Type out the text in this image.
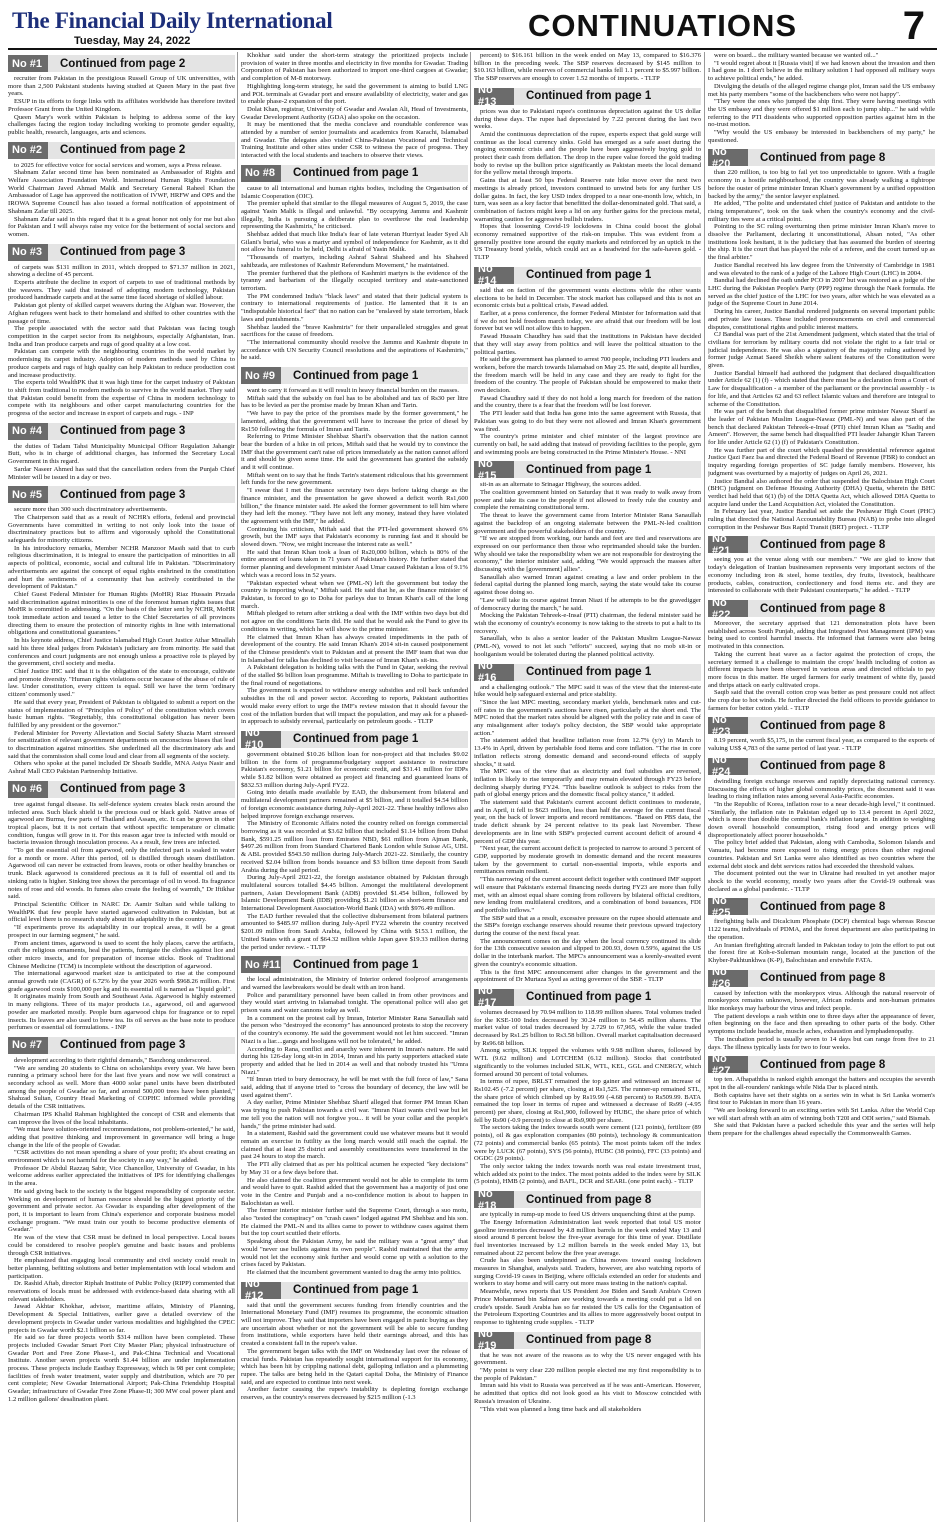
The Financial Daily International
Tuesday, May 24, 2022	CONTINUATIONS	7
No #1	Continued from page 2

recruiter from Pakistan in the prestigious Russell Group of UK universities, with more than 2,500 Pakistani students having studied at Queen Mary in the past five years.

ESUP in its efforts to forge links with its affiliates worldwide has therefore invited Professor Grant from the United Kingdom.

Queen Mary's work within Pakistan is helping to address some of the key challenges facing the region today including working to promote gender equality, public health, research, languages, arts and sciences.

No #2	Continued from page 2

to 2025 for effective voice for social services and women, says a Press release.

Shabnam Zafar second time has been nominated as Ambassador of Rights and Welfare Association Foundation World. International Human Rights Foundation World Chairman Javed Ahmad Malik and Secretary General Raheel Khan the Ambassador of Lage has approved the notification of IVWF, HRFW and OPS and the IROWA Supreme Council has also issued a formal notification of appointment of Shabnam Zafar till 2025.

Shabnam Zafar said in this regard that it is a great honor not only for me but also for Pakistan and I will always raise my voice for the betterment of social sectors and women.

No #3	Continued from page 3

of carpets was $131 million in 2011, which dropped to $71.37 million in 2021, showing a decline of 45 percent.

Experts attribute the decline in export of carpets to use of traditional methods by the weavers. They said that instead of adopting modern technology, Pakistan produced handmade carpets and at the same time faced shortage of skilled labour.

Pakistan got plenty of skilled carpet weavers during the Afghan war. However, the Afghan refugees went back to their homeland and shifted to other countries with the passage of time.

The people associated with the sector said that Pakistan was facing tough competition in the carpet sector from its neighbours, especially Afghanistan, Iran. India and Iran produce carpets and rugs of good quality at a low cost.

Pakistan can compete with the neighbouring countries in the world market by modernising its carpet industry. Adoption of modern methods used by China to produce carpets and rugs of high quality can help Pakistan to reduce production cost and increase productivity.

The experts told WealthPK that it was high time for the carpet industry of Pakistan to shift from traditional to modern methods to survive in the world market. They said that Pakistan could benefit from the expertise of China in modern technology to compete with its neighbours and other carpet manufacturing countries for the progress of the sector and increase in export of carpets and rugs. - INP

No #4	Continued from page 3

the duties of Tadam Tahsi Municipality Municipal Officer Regulation Jahangir Butt, who is in charge of additional charges, has informed the Secretary Local Government in this regard.

Sardar Naseer Ahmed has said that the cancellation orders from the Punjab Chief Minister will be issued in a day or two.

No #5	Continued from page 3

secure more than 300 such discriminatory advertisements.

The Chairperson said that as a result of NCHR's efforts, federal and provincial Governments have committed in writing to not only look into the issue of discriminatory practices but to affirm and vigorously uphold the Constitutional safeguards for minority citizens.

In his introductory remarks, Member NCHR Manzoor Masih said that to curb religious discrimination, it is integral to ensure the participation of minorities in all aspects of political, economic, social and cultural life in Pakistan. "Discriminatory advertisements are against the concept of equal rights enshrined in the constitution and hurt the sentiments of a community that has actively contributed in the development of Pakistan."

Chief Guest Federal Minister for Human Rights (MoHR) Riaz Hussain Pirzada said discrimination against minorities is one of the foremost human rights issues that MoHR is committed to addressing. "On the basis of the letter sent by NCHR, MoHR took immediate action and issued a letter to the Chief Secretaries of all provinces directing them to ensure the protection of minority rights in line with international obligations and constitutional guarantees."

In his keynote address, Chief Justice Islamabad High Court Justice Athar Minallah said his three ideal judges from Pakistan's judiciary are from minority. He said that conferences and court judgments are not enough unless a proactive role is played by the government, civil society and media.

Chief Justice IHC said that it is the obligation of the state to encourage, cultivate and promote diversity. "Human rights violations occur because of the abuse of rule of law. Under constitution, every citizen is equal. Still we have the term 'ordinary citizen' commonly used."

He said that every year, President of Pakistan is obligated to submit a report on the status of implementation of "Principles of Policy" of the constitution which covers basic human rights. "Regrettably, this constitutional obligation has never been fulfilled by any president or the governor."

Federal Minister for Poverty Alleviation and Social Safety Shazia Marri stressed for sensitization of relevant government departments on unconscious biases that lead to discrimination against minorities. She underlined all the discriminatory ads and said that the commission shall come loud and clear from all segments of the society.

Others who spoke at the panel included Dr Shoaib Suddle, MNA Asiya Nasir and Ashraf Mall CEO Pakistan Partnership Initiative.

No #6	Continued from page 3

tree against fungal disease. Its self-defence system creates black resin around the infected area. Such black shield is the precious oud or black gold. Native areas of agarwood are Burma, few parts of Thailand and Assam, etc. It can be grown in other tropical places, but it is not certain that without specific temperature or climatic condition, fungus will grow in it. For this reason agar tree is infected with mould or bacteria invasion through inoculation process. As a result, few trees are infected.

"To get the essential oil from agarwood, only the infected part is soaked in water for a month or more. After this period, oil is distilled through steam distillation. Agarwood oil can never be extracted from leaves, roots or other healthy branches or trunk. Black agarwood is considered precious as it is full of essential oil and its sinking ratio is higher. Sinking tree shows the percentage of oil in wood. Its fragrance notes of rose and old woods. In fumes also create the feeling of warmth," Dr Iftikhar said.

Principal Scientific Officer in NARC Dr. Aamir Sultan said while talking to WealthPK that few people have started agarwood cultivation in Pakistan, but at official level there is no research study about its adaptability in the country.

"If experiments prove its adaptability in our tropical areas, it will be a great prospect in our farming segment," he said.

From ancient times, agarwood is used to scent the holy places, carve the artifacts, craft the religious ornaments, heal the patients, fumigate the clothes against lice and other micro insects, and for preparation of incense sticks. Book of Traditional Chinese Medicine (TCM) is incomplete without the description of agarwood.

The international agarwood market size is anticipated to rise at the compound annual growth rate (CAGR) of 6.72% by the year 2026 worth $968.26 million. First grade agarwood costs $100,000 per kg and its essential oil is named as "liquid gold".

It originates mainly from South and Southeast Asia. Agarwood is highly esteemed in many religions. Three of its major products i.e., agarwood, oil and agarwood powder are marketed mostly. People burn agarwood chips for fragrance or to repel insects. Its leaves are also used to brew tea. Its oil serves as the base note to produce perfumes or essential oil formulations. - INP

No #7	Continued from page 3

development according to their rightful demands," Baozhong underscored.

"We are sending 20 students to China on scholarships every year. We have been running a primary school here for the last five years and now we will construct a secondary school as well. More than 4000 solar panel units have been distributed among the people of Gwadar so far, and around 500,000 trees have been planted," Shahzad Sultan, Country Head Marketing of COPHC informed while providing details of the CSR initiatives.

Chairman IPS Khalid Rahman highlighted the concept of CSR and elements that can improve the lives of the local inhabitants.

"We must have solution-oriented recommendations, not problem-oriented," he said, adding that positive thinking and improvement in governance will bring a huge change in the life of the people of Gwadar.

"CSR activities do not mean spending a share of your profit; it's about creating an environment which is not harmful for the society in any way," he added.

Professor Dr Abdul Razzaq Sabir, Vice Chancellor, University of Gwadar, in his welcome address earlier appreciated the initiatives of IPS for identifying challenges in the area.

He said giving back to the society is the biggest responsibility of corporate sector. Working on development of human resource should be the biggest priority of the government and private sector. As Gwadar is expanding after development of the port, it is important to learn from China's experience and corporate business model exchange program. "We must train our youth to become productive elements of Gwadar."

He was of the view that CSR must be defined in local perspective. Local issues could be considered to resolve people's genuine and basic issues and problems through CSR initiatives.

He emphasized that engaging local community and civil society could result in better planning, befitting solutions and better implementation with local wisdom and participation.

Dr. Rashid Aftab, director Riphah Institute of Public Policy (RIPP) commented that reservations of locals must be addressed with evidence-based data sharing with all relevant stakeholders.

Jawad Akhtar Khokhar, advisor, maritime affairs, Ministry of Planning, Development & Special Initiatives, earlier gave a detailed overview of the development projects in Gwadar under various modalities and highlighted the CPEC projects in Gwadar worth $2.1 billion so far.

He said so far three projects worth $314 million have been completed. These projects included Gwadar Smart Port City Master Plan; physical infrastructure of Gwadar Port and Free Zone Phase-1, and Pak-China Technical and Vocational Institute. Another seven projects worth $1.44 billion are under implementation process. These projects include Eastbay Expressway, which is 98 per cent complete; facilities of fresh water treatment, water supply and distribution, which are 70 per cent complete; New Gwadar International Airport; Pak-China Friendship Hospital Gwadar; infrastructure of Gwadar Free Zone Phase-II; 300 MW coal power plant and 1.2 million gallons' desalination plant.

Khokhar said under the short-term strategy the prioritized projects include provision of water in three months and electricity in five months for Gwadar. Trading Corporation of Pakistan has been authorized to import one-third cargoes at Gwadar; and completion of M-8 motorway.

Highlighting long-term strategy, he said the government is aiming to build LNG and POL terminals at Gwadar port and ensure availability of electricity, water and gas to enable phase-2 expansion of the port.

Dolat Khan, registrar, University of Gwadar and Awalan Ali, Head of Investments, Gwadar Development Authority (GDA) also spoke on the occasion.

It may be mentioned that the media conclave and roundtable conference was attended by a number of senior journalists and academics from Karachi, Islamabad and Gwadar. The delegates also visited China-Pakistan Vocational and Technical Training Institute and other sites under CSR to witness the pace of progress. They interacted with the local students and teachers to observe their views.

No #8	Continued from page 1

cause to all international and human rights bodies, including the Organisation of Islamic Cooperation (OIC).

The premier upheld that similar to the illegal measures of August 5, 2019, the case against Yasin Malik is illegal and unlawful. "By occupying Jammu and Kashmir illegally, India is pursuing a deliberate plan to overthrow the real leadership representing the Kashmiris," he criticised.

Shehbaz added that much like India's fear of late veteran Hurriyat leader Syed Ali Gilani's burial, who was a martyr and symbol of independence for Kashmir, as it did not allow his funeral to be held, Delhi is afraid of Yasin Malik.

"Thousands of martyrs, including Ashraf Sahrai Shaheed and his Shaheed sahibzada, are milestones of Kashmir Referendum Movement," he maintained.

The premier furthered that the plethora of Kashmiri martyrs is the evidence of the tyranny and barbarism of the illegally occupied territory and state-sanctioned terrorism.

The PM condemned India's "black laws" and stated that their judicial system is contrary to international requirements of justice. He lamented that it is an "indisputable historical fact" that no nation can be "enslaved by state terrorism, black laws and punishments."

Shehbaz lauded the "brave Kashmiris" for their unparalleled struggles and great sacrifices for the cause of freedom.

"The international community should resolve the Jammu and Kashmir dispute in accordance with UN Security Council resolutions and the aspirations of Kashmiris," he said.

No #9	Continued from page 1

want to carry it forward as it will result in heavy financial burden on the masses.

Miftah said that the subsidy on fuel has to be abolished and tax of Rs30 per litre has to be levied as per the promise made by Imran Khan and Tarin.

"We have to pay the price of the promises made by the former government," he lamented, adding that the government will have to increase the price of diesel by Rs150 following the formula of Imran and Tarin.

Referring to Prime Minister Shehbaz Sharif's observation that the nation cannot bear the burden of a hike in oil prices, Miftah said that he would try to convince the IMF that the government can't raise oil prices immediately as the nation cannot afford it and should be given some time. He said the government has granted the subsidy and it will continue.

Miftah went on to say that he finds Tarin's statement ridiculous that his government left funds for the new government.

"I swear that I met the finance secretary two days before taking charge as the finance minister, and the presentation he gave showed a deficit worth Rs1,600 billion," the finance minister said. He asked the former government to tell him where they had left the money. "They have not left any money, instead they have violated the agreement with the IMF," he added.

Continuing his criticism, Miftah said that the PTI-led government showed 6% growth, but the IMF says that Pakistan's economy is running fast and it should be slowed down. "Now, we might increase the interest rate as well."

He said that Imran Khan took a loan of Rs20,000 billion, which is 80% of the entire amount of loans taken in 71 years of Pakistan's history. He further stated that former planning and development minister Asad Umar caused Pakistan a loss of 9.1% which was a record loss in 52 years.

"Pakistan expected wheat when we (PML-N) left the government but today the country is importing wheat," Miftah said. He said that he, as the finance minister of Pakistan, is forced to go to Doha for parleys due to Imran Khan's call of the long march.

Miftah pledged to return after striking a deal with the IMF within two days but did not agree on the conditions Tarin did. He said that he would ask the Fund to give its conditions in writing, which he will show to the prime minister.

He claimed that Imran Khan has always created impediments in the path of development of the country. He said Imran Khan's 2014 sit-in caused postponement of the Chinese president's visit to Pakistan and at present the IMF team that was due in Islamabad for talks has declined to visit because of Imran Khan's sit-ins.

A Pakistani delegation is holding talks with the Fund in Qatar, seeking the revival of the stalled $6 billion loan programme. Miftah is travelling to Doha to participate in the final round of negotiations.

The government is expected to withdraw energy subsidies and roll back unfunded subsidies in the oil and power sector. According to reports, Pakistani authorities would make every effort to urge the IMF's review mission that it should favour the cost of the inflation burden that will impact the population, and may ask for a phased-in approach to subsidy reversal, particularly on petroleum goods. - TLTP

No #10	Continued from page 1

government obtained $10.26 billion loan for non-project aid that includes $9.02 billion in the form of programme/budgetary support assistance to restructure Pakistan's economy, $1.21 billion for economic credit, and $31.41 million for IDPs while $1.82 billion were obtained as project aid financing and guaranteed loans of $832.53 million during July-April FY22.

Going into details made available by EAD, the disbursement from bilateral and multilateral development partners remained at $5 billion, and it totalled $4.54 billion of foreign economic assistance during July-April 2021-22. These healthy inflows also helped improve foreign exchange reserves.

The Ministry of Economic Affairs noted the country relied on foreign commercial borrowing as it was recorded at $3.62 billion that included $1.14 billion from Dubai Bank, $591.25 million loan from Emirates NBD, $61 million from Ajman Bank, $497.26 million from from Standard Chartered Bank London while Suisse AG, UBL & ABL provided $543.50 million during July-March 2021-22. Similarly, the country received $2.04 billion from bonds issuance and $3 billion time deposit from Saudi Arabia during the said period.

During July-April 2021-22, the foreign assistance obtained by Pakistan through multilateral sources totalled $4.45 billion. Amongst the multilateral development partners, Asian Development Bank (ADB) provided $1.454 billion, followed by Islamic Development Bank (IDB) providing $1.21 billion as short-term finance and International Development Association-World Bank (IDA) with $976.49 million.

The EAD further revealed that the collective disbursement from bilateral partners amounted to $485.97 million during July-April FY22 wherein the country received $201.09 million from Saudi Arabia, followed by China with $153.1 million, the United States with a grant of $64.32 million while Japan gave $19.33 million during the period under review. - TLTP

No #11	Continued from page 1

the local administration, the Ministry of Interior ordered foolproof arrangements and warned the lawbreakers would be dealt with an iron hand.

Police and paramilitary personnel have been called in from other provinces and they would start arriving in Islamabad tonight. The operational police will also get prison vans and water cannons today as well.

In a comment on the protest call by Imran, Interior Minister Rana Sanaullah said the person who "destroyed the economy" has announced protests to stop the recovery of the country's economy. He said the government would not let him succeed. "Imran Niazi is a liar....gangs and hooligans will not be tolerated," he added.

According to Rana, conflict and anarchy were inherent in Imran's nature. He said during his 126-day long sit-in in 2014, Imran and his party supporters attacked state property and added that he lied in 2014 as well and that nobody trusted his "Umra Niazi."

"If Imran tried to bury democracy, he will be met with the full force of law," Sana said, adding that if anyone tried to "cross the boundary of decency, the law will be used against them".

A day earlier, Prime Minister Shehbaz Sharif alleged that former PM Imran Khan was trying to push Pakistan towards a civil war. "Imran Niazi wants civil war but let me tell you the nation will not forgive you... it will be your collar and the people's hands," the prime minister had said.

In a statement, Rashid said the government could use whatever means but it would remain an exercise in futility as the long march would still reach the capital. He claimed that at least 25 district and assembly constituencies were transferred in the past 24 hours to stop the march.

The PTI ally claimed that as per his political acumen he expected "key decisions" by May 31 or a few days before that.

He also claimed the coalition government would not be able to complete its term and would have to quit. Rashid added that the government has a majority of just one vote in the Centre and Punjab and a no-confidence motion is about to happen in Balochistan as well.

The former interior minister further said the Supreme Court, through a suo motu, also "tested the conspiracy" on "crash cases" lodged against PM Shehbaz and his son. He claimed the PML-N and its allies came to power to withdraw cases against them but the top court scuttled their efforts.

Speaking about the Pakistan Army, he said the military was a "great army" that would "never use bullets against its own people". Rashid maintained that the army would not let the economy sink further and would come up with a solution to the crises faced by Pakistan.

He claimed that the incumbent government wanted to drag the army into politics.

No #12	Continued from page 1

said that until the government secures funding from friendly countries and the International Monetary Fund (IMF) resumes its programme, the economic situation will not improve. They said that importers have been engaged in panic buying as they are uncertain about whether or not the government will be able to secure funding from institutions, while exporters have held their earnings abroad, and this has created a consistent fall in the rupee's value.

The government began talks with the IMF on Wednesday last over the release of crucial funds. Pakistan has repeatedly sought international support for its economy, which has been hit by crippling national debt, galloping inflation and a plummeting rupee. The talks are being held in the Qatari capital Doha, the Ministry of Finance said, and are expected to continue into next week.

Another factor causing the rupee's instability is depleting foreign exchange reserves, as the country's reserves decreased by $215 million (-1.3

percent) to $16.161 billion in the week ended on May 13, compared to $16.376 billion in the preceding week. The SBP reserves decreased by $145 million to $10.163 billion, while reserves of commercial banks fell 1.1 percent to $5.997 billion. The SBP reserves are enough to cover 1.52 months of imports. - TLTP

No #13	Continued from page 1

prices was due to Pakistani rupee's continuous depreciation against the US dollar during these days. The rupee had depreciated by 7.22 percent during the last two weeks.

Amid the continuous depreciation of the rupee, experts expect that gold surge will continue as the local currency sinks. Gold has emerged as a safe asset during the ongoing economic crisis and the people have been aggressively buying gold to protect their cash from deflation. The drop in the rupee value forced the gold trading body to revise up the bullion price significantly as Pakistan meets the local demand for the yellow metal through imports.

Gains that at least 50 bps Federal Reserve rate hike move over the next two meetings is already priced, investors continued to unwind bets for any further US dollar gains. In fact, the key USD index dropped to a near one-month low, which, in turn, was seen as a key factor that benefitted the dollar-denominated gold. That said, a combination of factors might keep a lid on any further gains for the precious metal, warranting caution for aggressive bullish traders.

Hopes that loosening Covid-19 lockdowns in China could boost the global economy remained supportive of the risk-on impulse. This was evident from a generally positive tone around the equity markets and reinforced by an uptick in the US Treasury bond yields, which could act as a headwind for the safe-haven gold. - TLTP

No #14	Continued from page 1

said that on faction of the government wants elections while the other wants elections to be held in December. The stock market has collapsed and this is not an economic crisis but a political crisis, Fawad added.

Earlier, at a press conference, the former Federal Minister for Information said that if we do not hold freedom march today, we are afraid that our freedom will be lost forever but we will not allow this to happen.

Fawad Hussain Chaudhry has said that the institutions in Pakistan have decided that they will stay away from politics and will leave the political situation to the political parties.

He said the government has planned to arrest 700 people, including PTI leaders and workers, before the march towards Islamabad on May 25. He said, despite all hurdles, the freedom march will be held in any case and they are ready to fight for the freedom of the country. The people of Pakistan should be empowered to make their own decision.

Fawad Chaudhry said if they do not hold a long march for freedom of the nation and the country, there is a fear that the freedom will be lost forever.

The PTI leader said that India has gone into the same agreement with Russia, that Pakistan was going to do but they were not allowed and Imran Khan's government was fired.

The country's prime minister and chief minister of the largest province are currently on bail, he said adding that instead of providing facilities to the people, gym and swimming pools are being constructed in the Prime Minister's House. - NNI

No #15	Continued from page 1

sit-in as an alternate to Srinagar Highway, the sources added.

The coalition government hinted on Saturday that it was ready to walk away from power and take its case to the people if not allowed to freely rule the country and complete the remaining constitutional term.

The threat to leave the government came from Interior Minister Rana Sanaullah against the backdrop of an ongoing stalemate between the PML-N-led coalition government and the powerful stakeholders of the country.

"If we are stopped from working, our hands and feet are tied and reservations are expressed on our performance then those who reprimanded should take the burden. Why should we take the responsibility when we are not responsible for destroying the economy," the interior minister said, adding "We would approach the masses after discussing with the [government] allies".

Sanaullah also warned Imran against creating a law and order problem in the federal capital during the planned long march, saying the state would take its course against those doing so.

"Law will take its course against Imran Niazi if he attempts to be the gravedigger of democracy during the march," he said.

Mocking the Pakistan Tehreek-e-Insaf (PTI) chairman, the federal minister said he wish the economy of country's economy is now taking to the streets to put a halt to its recovery.

Sanaullah, who is also a senior leader of the Pakistan Muslim League-Nawaz (PML-N), vowed to not let such "efforts" succeed, saying that no mob sit-in or hooliganism would be tolerated during the planned political activity.

No #16	Continued from page 1

and a challenging outlook." The MPC said it was of the view that the interest-rate hike would help safeguard external and price stability.

"Since the last MPC meeting, secondary market yields, benchmark rates and cut-off rates in the government's auctions have risen, particularly at the short end. The MPC noted that the market rates should be aligned with the policy rate and in case of any misalignment after today's policy decision, the SBP would take appropriate action."

The statement added that headline inflation rose from 12.7% (y/y) in March to 13.4% in April, driven by perishable food items and core inflation. "The rise in core inflation reflects strong domestic demand and second-round effects of supply shocks," it said.

The MPC was of the view that as electricity and fuel subsidies are reversed, inflation is likely to rise temporarily and may remain elevated through FY23 before declining sharply during FY24. "This baseline outlook is subject to risks from the path of global energy prices and the domestic fiscal policy stance," it added.

The statement said that Pakistan's current account deficit continues to moderate, and in April, it fell to $623 million, less than half the average for the current fiscal year, on the back of lower imports and record remittances. "Based on PBS data, the trade deficit shrank by 24 percent relative to its peak last November. These developments are in line with SBP's projected current account deficit of around 4 percent of GDP this year.

"Next year, the current account deficit is projected to narrow to around 3 percent of GDP, supported by moderate growth in domestic demand and the recent measures taken by the government to curtail non-essential imports, while exports and remittances remain resilient.

"This narrowing of the current account deficit together with continued IMF support will ensure that Pakistan's external financing needs during FY23 are more than fully met, with an almost equal share coming from rollovers by bilateral official creditors, new lending from multilateral creditors, and a combination of bond issuances, FDI and portfolio inflows."

The SBP said that as a result, excessive pressure on the rupee should attenuate and the SBP's foreign exchange reserves should resume their previous upward trajectory during the course of the next fiscal year.

The announcement comes on the day when the local currency continued its slide for the 13th consecutive session and slipped to 200.93, down 0.59%, against the US dollar in the interbank market. The MPC's announcement was a keenly-awaited event given the country's economic situation.

This is the first MPC announcement after changes in the government and the appointment of Dr Murtaza Syed as acting governor of the SBP. - TLTP

No #17	Continued from page 1

volumes decreased by 70.94 million to 118.99 million shares. Total volumes traded for the KSE-100 Index decreased by 30.24 million to 54.45 million shares. The market value of total trades decreased by 2.729 to 67,965, while the value traded decreased by Rs1.25 billion to Rs3.58 billion. Overall market capitalisation decreased by Rs96.68 billion.

Among scrips, SILK topped the volumes with 9.98 million shares, followed by WTL (9.62 million) and LOTCHEM (6.12 million). Stocks that contributed significantly to the volumes included SILK, WTL, KEL, GGL and CNERGY, which formed around 30 percent of total volumes.

In terms of rupee, BRLST remained the top gainer and witnessed an increase of Rs102.45 (-7.2 percent) per share, closing at Rs1,525. The runner-up remained STL, the share price of which climbed up by Rs19.99 (-4.68 percent) to Rs509.99. BATA remained the top loser in terms of rupee and witnessed a decrease of Rs99 (-4.95 percent) per share, closing at Rs1,900, followed by HUBC, the share price of which fell by Rs90 (-0.9 percent) to close at Rs9,900 per share.

The sectors taking the index towards south were cement (121 points), fertilizer (89 points), oil & gas exploration companies (80 points), technology & communication (72 points) and commercial banks (65 points). The most points taken off the index were by LUCK (67 points), SYS (56 points), HUBC (38 points), FFC (33 points) and OGDC (29 points).

The only sector taking the index towards north was real estate investment trust, which added six point to the index. The most points added to the index were by SILK (5 points), HMB (2 points), and BAFL, DCR and SEARL (one point each). - TLTP

No #18	Continued from page 8

are typically in rump-up mode to feed US drivers unquenching thirst at the pump.

The Energy Information Administration last week reported that total US motor gasoline inventories decreased by 4.8 million barrels in the week ended May 13 and stood around 8 percent below the five-year average for this time of year. Distillate fuel inventories increased by 1.2 million barrels in the week ended May 13, but remained about 22 percent below the five year average.

Crude has also been underpinned as China moves toward easing lockdown measures in Shanghai, analysts said. Traders, however, are also watching reports of surging Covid-19 cases in Beijing, where officials extended an order for students and workers to stay home and will carry out more mass testing in the nation's capital.

Meanwhile, news reports that US President Joe Biden and Saudi Arabia's Crown Prince Mohammed bin Salman are working towards a meeting could put a lid on crude's upside. Saudi Arabia has so far resisted the US calls for the Organisation of the Petroleum Exporting Countries and its allies to more aggressively boost output in response to tightening crude supplies. - TLTP

No #19	Continued from page 8

that he was not aware of the reasons as to why the US never engaged with his government.

"My point is very clear 220 million people elected me my first responsibility is to the people of Pakistan."

Imran said his visit to Russia was perceived as if he was anti-American. However, he admitted that optics did not look good as his visit to Moscow coincided with Russia's invasion of Ukraine.

"This visit was planned a long time back and all stakeholders

were on board... the military wanted because we wanted oil..."

"I would regret about it [Russia visit] if we had known about the invasion and then I had gone in. I don't believe in the military solution I had opposed all military ways to achieve political ends," he added.

Divulging the details of the alleged regime change plot, Imran said the US embassy met his party members "some of the backbenchers who were not happy".

"They were the ones who jumped the ship first. They were having meetings with the US embassy and they were offered $1 million each to jump ship..." he said while referring to the PTI dissidents who supported opposition parties against him in the no-trust motion.

"Why would the US embassy be interested in backbenchers of my party," he questioned.

No #20	Continued from page 8

than 220 million, is too big to fail yet too unpredictable to ignore. With a fragile economy in a hostile neighbourhood, the country was already walking a tightrope before the ouster of prime minister Imran Khan's government by a unified opposition backed by the army," the senior lawyer explained.

He added, "The polite and understated chief justice of Pakistan and antidote to the rising temperatures", took on the task when the country's economy and the civil-military ties were at a critical point.

Pointing to the SC ruling overturning then prime minister Imran Khan's move to dissolve the Parliament, declaring it unconstitutional, Ahsan noted, "As other institutions look hesitant, it is the judiciary that has assumed the burden of steering the ship. It is the court that has played the role of a referee, and the court turned up as the final arbiter."

Justice Bandial received his law degree from the University of Cambridge in 1981 and was elevated to the rank of a judge of the Lahore High Court (LHC) in 2004.

Bandial had declined the oath under PCO in 2007 but was restored as a judge of the LHC during the Pakistan People's Party (PPP) regime through the Naek formula. He served as the chief justice of the LHC for two years, after which he was elevated as a judge of the Supreme Court in June 2014.

During his career, Justice Bandial rendered judgments on several important public and private law issues. These included pronouncements on civil and commercial disputes, constitutional rights and public interest matters.

CJ Bandial was part of the 21st Amendment judgment, which stated that the trial of civilians for terrorism by military courts did not violate the right to a fair trial or judicial independence. He was also a signatory of the majority ruling authored by former judge Azmat Saeed Sheikh where salient features of the Constitution were given.

Justice Bandial himself had authored the judgment that declared disqualification under Article 62 (1) (f) - which stated that there must be a declaration from a Court of Law for disqualification - a member of the parliament or the provincial assembly - is for life, and that Articles 62 and 63 reflect Islamic values and therefore are integral to scheme of the Constitution.

He was part of the bench that disqualified former prime minister Nawaz Sharif as the leader of Pakistan Muslim League-Nawaz (PML-N) and was also part of the bench that declared Pakistan Tehreek-e-Insaf (PTI) chief Imran Khan as "Sadiq and Ameen". However, the same bench had disqualified PTI leader Jahangir Khan Tareen for life under Article 62 (1) (f) of Pakistan's Constitution.

He was further part of the court which quashed the presidential reference against Justice Qazi Faez Isa and directed the Federal Board of Revenue (FBR) to conduct an inquiry regarding foreign properties of SC judge family members. However, his judgment was overturned by a majority of judges on April 26, 2021.

Justice Bandial also authored the order that suspended the Balochistan High Court (BHC) judgment on Defense Housing Authority (DHA) Quetta, wherein the BHC verdict had held that 6(1) (b) of the DHA Quetta Act, which allowed DHA Quetta to acquire land under the Land Acquisition Act, violated the Constitution.

In February last year, Justice Bandial set aside the Peshawar High Court (PHC) ruling that directed the National Accountability Bureau (NAB) to probe into alleged corruption in the Peshawar Bus Rapid Transit (BRT) project. - TLTP

No #21	Continued from page 8

seeing you at the venue along with our members." "We are glad to know that today's delegation of Iranian businessmen represents very important sectors of the economy including iron & steel, home textiles, dry fruits, livestock, healthcare products, cables, construction, confectionery and food items etc. and they are interested to collaborate with their Pakistani counterparts," he added. - TLTP

No #22	Continued from page 8

Moreover, the secretary apprised that 121 demonstration plots have been established across South Punjab, adding that Integrated Pest Management (IPM) was being used to control harmful insects. He informed that farmers were also being motivated in this connection.

Taking the current heat wave as a factor against the protection of crops, the secretary termed it a challenge to maintain the crops' health including of cotton as different impacts have been observed in various areas and directed officials to pay more focus in this matter. He urged farmers for early treatment of white fly, jassid and thrips attack on early cultivated crops.

Saqib said that the overall cotton crop was better as pest pressure could not affect the crop due to hot winds. He further directed the field officers to provide guidance to farmers for better cotton yield. - TLTP

No #23	Continued from page 8

8.19 percent, worth $5,175, in the current fiscal year, as compared to the exports of valuing US$ 4,783 of the same period of last year. - TLTP

No #24	Continued from page 8

dwindling foreign exchange reserves and rapidly depreciating national currency. Discussing the effects of higher global commodity prices, the document said it was leading to rising inflation rates among several Asia-Pacific economies.

"In the Republic of Korea, inflation rose to a near decade-high level," it continued. "Similarly, the inflation rate in Pakistan edged up to 13.4 percent in April 2022, which is more than double the central bank's inflation target. In addition to weighing down overall household consumption, rising food and energy prices will disproportionately affect poorer households."

The policy brief added that Pakistan, along with Cambodia, Solomon Islands and Vanuatu, had become more exposed to rising energy prices than other regional countries. Pakistan and Sri Lanka were also identified as two countries where the external debt stock and debt services ratios had exceeded the threshold values.

The document pointed out the war in Ukraine had resulted in yet another major shock to the world economy, mostly two years after the Covid-19 outbreak was declared as a global pandemic. - TLTP

No #25	Continued from page 8

firefighting balls and Dicalcium Phosphate (DCP) chemical bags whereas Rescue 1122 teams, individuals of PDMA, and the forest department are also participating in the operation.

An Iranian firefighting aircraft landed in Pakistan today to join the effort to put out the forest fire at Koh-e-Suleman mountain range, located at the junction of the Khyber-Pakhtunkhwa (K-P), Balochistan and erstwhile FATA.

No #26	Continued from page 8

caused by infection with the monkeypox virus. Although the natural reservoir of monkeypox remains unknown, however, African rodents and non-human primates like monkeys may harbour the virus and infect people.

The patient develops a rash within one to three days after the appearance of fever, often beginning on the face and then spreading to other parts of the body. Other symptoms include headache, muscle aches, exhaustion and lymphadenopathy.

The incubation period is usually seven to 14 days but can range from five to 21 days. The illness typically lasts for two to four weeks.

No #27	Continued from page 8

top ten. Afhapaththa is ranked eighth amongst the batters and occupies the seventh spot in the all-rounders' rankings while Nida Dar is placed ninth.

Both captains have set their sights on a series win in what is Sri Lanka women's first tour to Pakistan in more than 16 years.

"We are looking forward to an exciting series with Sri Lanka. After the World Cup we will start afresh with an aim of winning both T20I and ODI series," said Bismah.

She said that Pakistan have a packed schedule this year and the series will help them prepare for the challenges ahead especially the Commonwealth Games.
